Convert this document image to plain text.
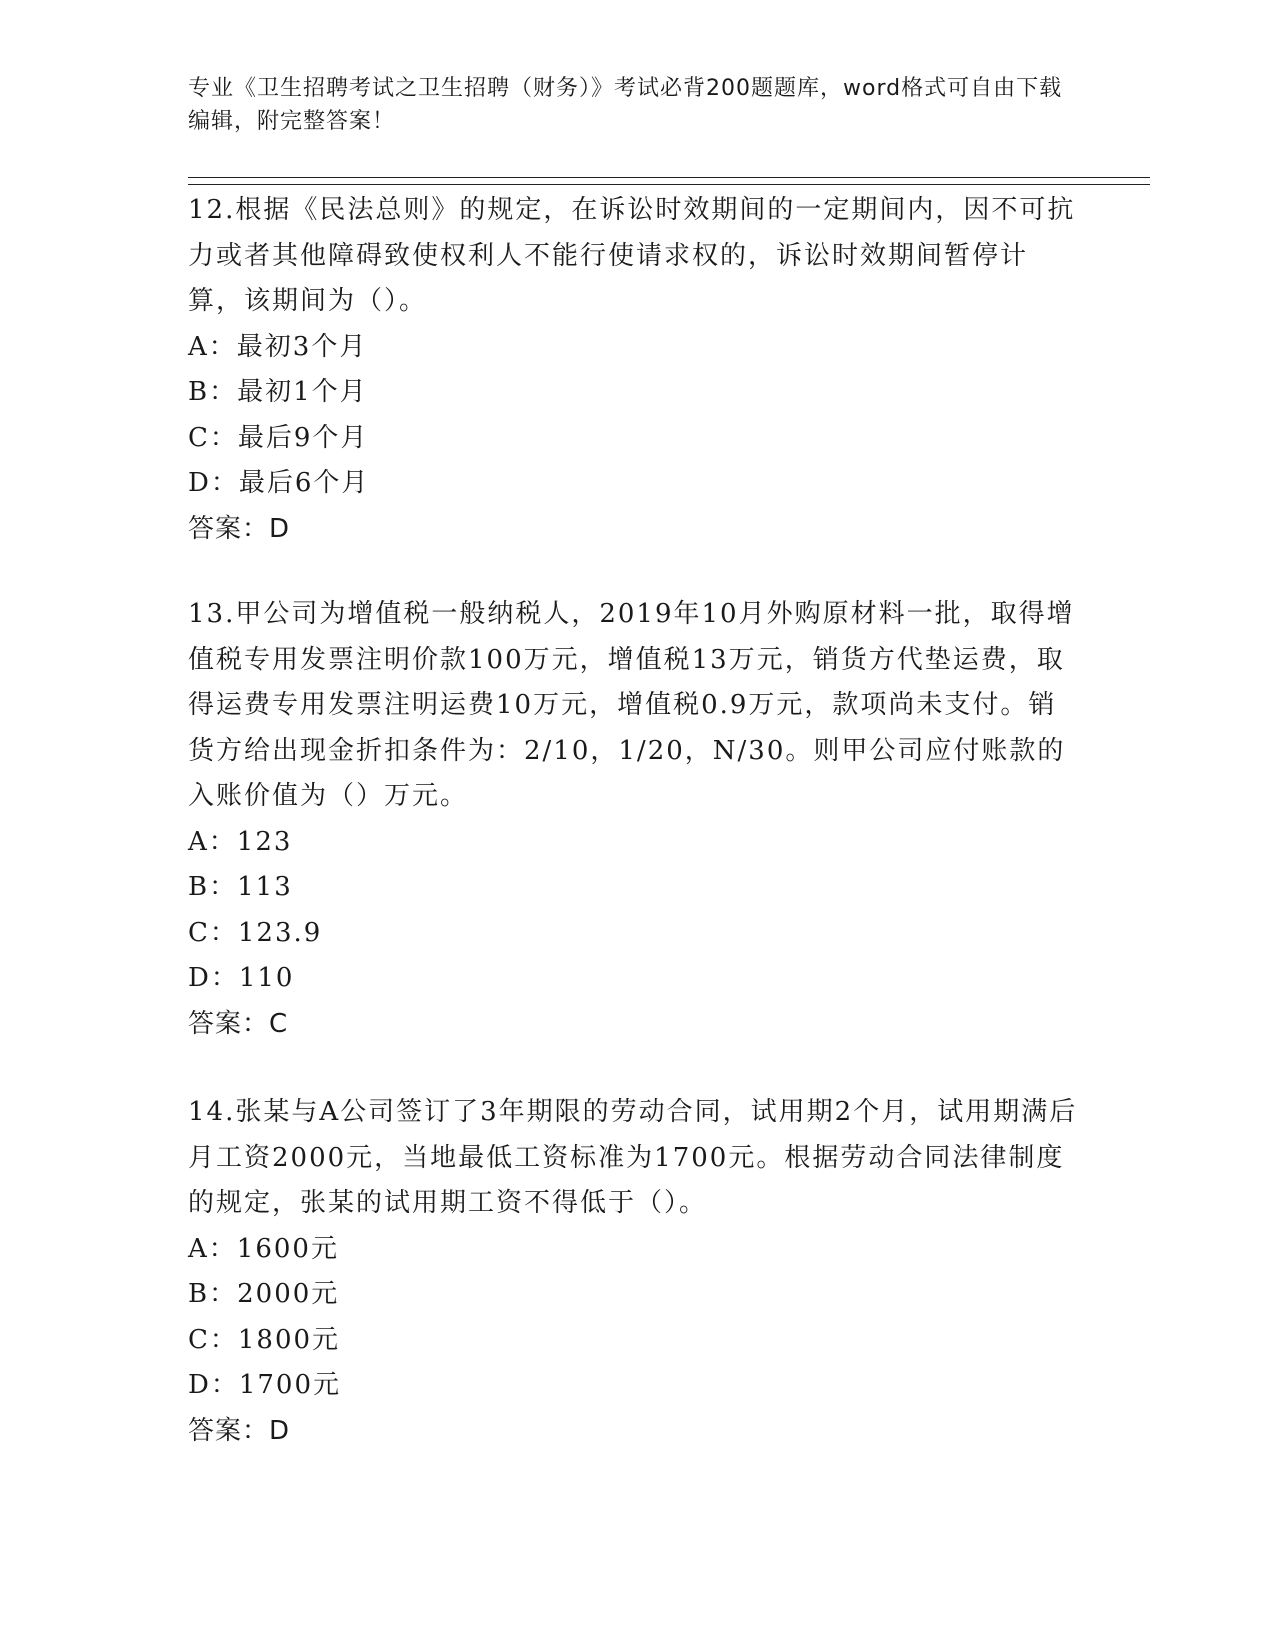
专业《卫生招聘考试之卫生招聘（财务）》考试必背200题题库，word格式可自由下载编辑，附完整答案！

12.根据《民法总则》的规定，在诉讼时效期间的一定期间内，因不可抗力或者其他障碍致使权利人不能行使请求权的，诉讼时效期间暂停计算，该期间为（）。

A：最初3个月

B：最初1个月

C：最后9个月

D：最后6个月

答案：D

13.甲公司为增值税一般纳税人，2019年10月外购原材料一批，取得增值税专用发票注明价款100万元，增值税13万元，销货方代垫运费，取得运费专用发票注明运费10万元，增值税0.9万元，款项尚未支付。销货方给出现金折扣条件为：2/10，1/20，N/30。则甲公司应付账款的入账价值为（）万元。

A：123

B：113

C：123.9

D：110

答案：C

14.张某与A公司签订了3年期限的劳动合同，试用期2个月，试用期满后月工资2000元，当地最低工资标准为1700元。根据劳动合同法律制度的规定，张某的试用期工资不得低于（）。

A：1600元

B：2000元

C：1800元

D：1700元

答案：D
